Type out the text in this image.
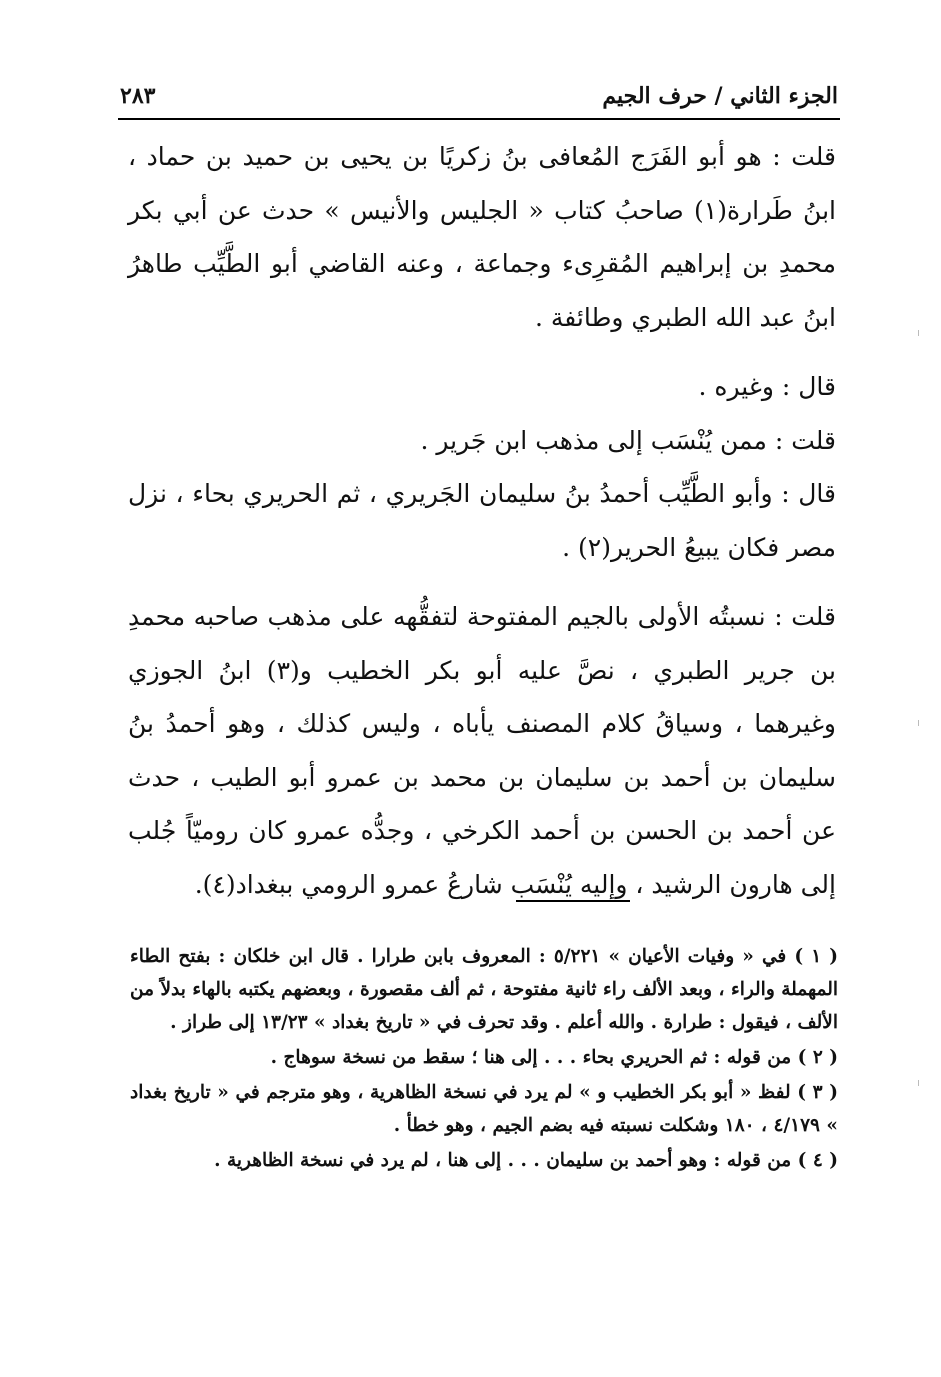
الجزء الثاني / حرف الجيم
٢٨٣

قلت : هو أبو الفَرَج المُعافى بنُ زكريًا بن يحيى بن حميد بن حماد ، ابنُ طَرارة(١) صاحبُ كتاب « الجليس والأنيس » حدث عن أبي بكر محمدِ بن إبراهيم المُقرِىء وجماعة ، وعنه القاضي أبو الطَّيِّب طاهرُ ابنُ عبد الله الطبري وطائفة .

قال : وغيره .

قلت : ممن يُنْسَب إلى مذهب ابن جَرير .

قال : وأبو الطَّيِّب أحمدُ بنُ سليمان الجَريري ، ثم الحريري بحاء ، نزل مصر فكان يبيعُ الحرير(٢) .

قلت : نسبتُه الأولى بالجيم المفتوحة لتفقُّهه على مذهب صاحبه محمدِ بن جرير الطبري ، نصَّ عليه أبو بكر الخطيب و(٣) ابنُ الجوزي وغيرهما ، وسياقُ كلام المصنف يأباه ، وليس كذلك ، وهو أحمدُ بنُ سليمان بن أحمد بن سليمان بن محمد بن عمرو أبو الطيب ، حدث عن أحمد بن الحسن بن أحمد الكرخي ، وجدُّه عمرو كان روميّاً جُلب إلى هارون الرشيد ، وإليه يُنْسَب شارعُ عمرو الرومي ببغداد(٤).

( ١ ) في « وفيات الأعيان » ٥/٢٢١ : المعروف بابن طرارا . قال ابن خلكان : بفتح الطاء المهملة والراء ، وبعد الألف راء ثانية مفتوحة ، ثم ألف مقصورة ، وبعضهم يكتبه بالهاء بدلاً من الألف ، فيقول : طرارة . والله أعلم . وقد تحرف في « تاريخ بغداد » ١٣/٢٣ إلى طراز .

( ٢ ) من قوله : ثم الحريري بحاء . . . إلى هنا ؛ سقط من نسخة سوهاج .

( ٣ ) لفظ « أبو بكر الخطيب و » لم يرد في نسخة الظاهرية ، وهو مترجم في « تاريخ بغداد » ٤/١٧٩ ، ١٨٠ وشكلت نسبته فيه بضم الجيم ، وهو خطأ .

( ٤ ) من قوله : وهو أحمد بن سليمان . . . إلى هنا ، لم يرد في نسخة الظاهرية .
